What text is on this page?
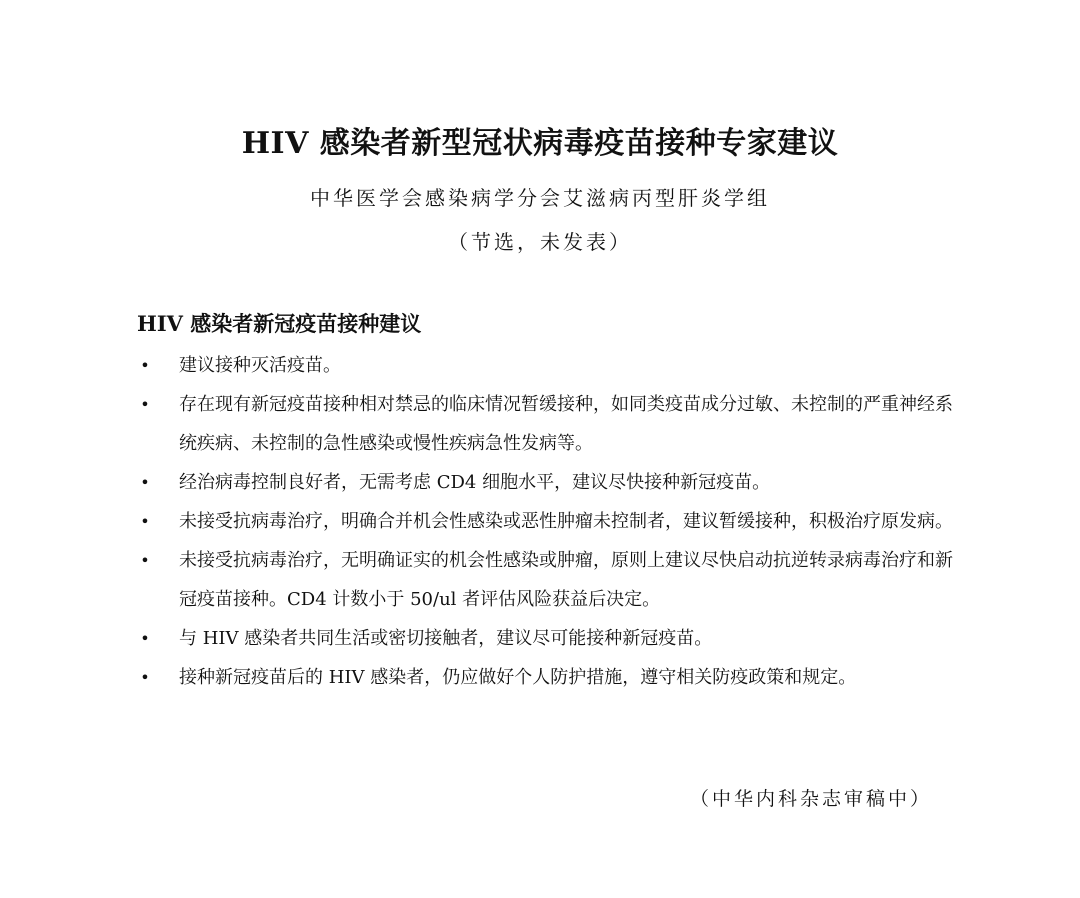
HIV 感染者新型冠状病毒疫苗接种专家建议
中华医学会感染病学分会艾滋病丙型肝炎学组
（节选，未发表）
HIV 感染者新冠疫苗接种建议
• 建议接种灭活疫苗。
• 存在现有新冠疫苗接种相对禁忌的临床情况暂缓接种，如同类疫苗成分过敏、未控制的严重神经系统疾病、未控制的急性感染或慢性疾病急性发病等。
• 经治病毒控制良好者，无需考虑 CD4 细胞水平，建议尽快接种新冠疫苗。
• 未接受抗病毒治疗，明确合并机会性感染或恶性肿瘤未控制者，建议暂缓接种，积极治疗原发病。
• 未接受抗病毒治疗，无明确证实的机会性感染或肿瘤，原则上建议尽快启动抗逆转录病毒治疗和新冠疫苗接种。CD4 计数小于 50/ul 者评估风险获益后决定。
• 与 HIV 感染者共同生活或密切接触者，建议尽可能接种新冠疫苗。
• 接种新冠疫苗后的 HIV 感染者，仍应做好个人防护措施，遵守相关防疫政策和规定。
（中华内科杂志审稿中）
